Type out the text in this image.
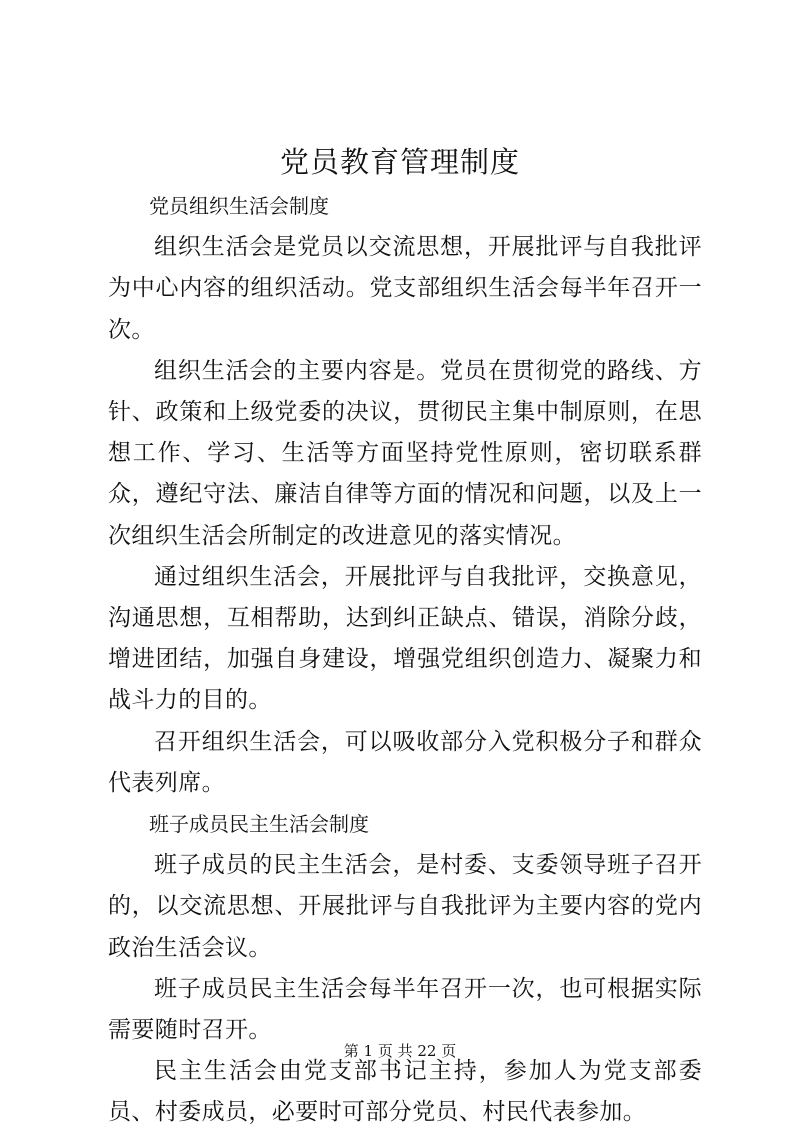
党员教育管理制度

党员组织生活会制度

组织生活会是党员以交流思想，开展批评与自我批评为中心内容的组织活动。党支部组织生活会每半年召开一次。

组织生活会的主要内容是。党员在贯彻党的路线、方针、政策和上级党委的决议，贯彻民主集中制原则，在思想工作、学习、生活等方面坚持党性原则，密切联系群众，遵纪守法、廉洁自律等方面的情况和问题，以及上一次组织生活会所制定的改进意见的落实情况。

通过组织生活会，开展批评与自我批评，交换意见，沟通思想，互相帮助，达到纠正缺点、错误，消除分歧，增进团结，加强自身建设，增强党组织创造力、凝聚力和战斗力的目的。

召开组织生活会，可以吸收部分入党积极分子和群众代表列席。

班子成员民主生活会制度

班子成员的民主生活会，是村委、支委领导班子召开的，以交流思想、开展批评与自我批评为主要内容的党内政治生活会议。

班子成员民主生活会每半年召开一次，也可根据实际需要随时召开。

民主生活会由党支部书记主持，参加人为党支部委员、村委成员，必要时可部分党员、村民代表参加。

第 1 页 共 22 页
